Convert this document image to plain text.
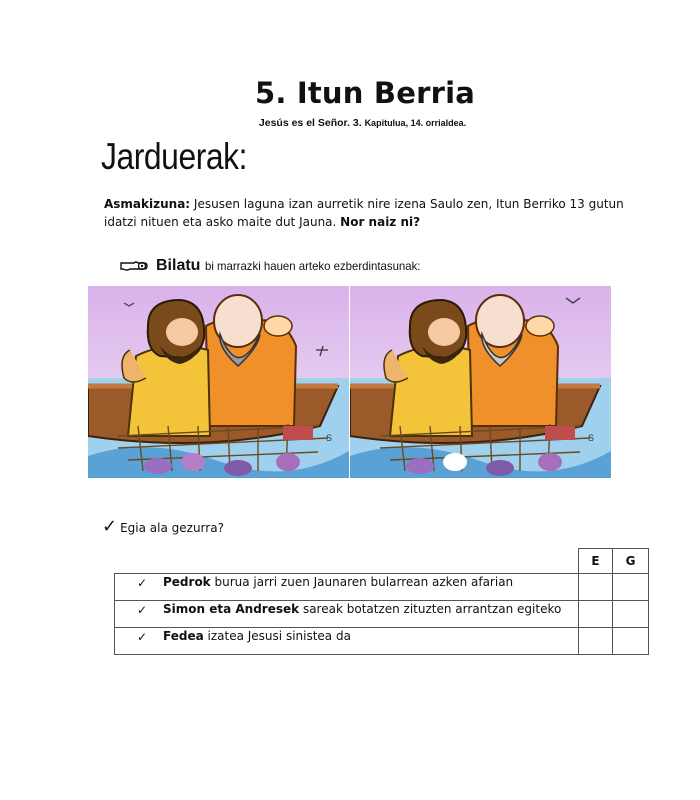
5. Itun Berria
Jesús es el Señor. 3. Kapitulua, 14. orrialdea.
Jarduerak:
Asmakizuna: Jesusen laguna izan aurretik nire izena Saulo zen, Itun Berriko 13 gutun idatzi nituen eta asko maite dut Jauna. Nor naiz ni?
Bilatu bi marrazki hauen arteko ezberdintasunak:
S	S
✓ Egia ala gezurra?
	E	G

✓ Pedrok burua jarri zuen Jaunaren bularrean azken afarian		

✓ Simon eta Andresek sareak botatzen zituzten arrantzan egiteko		

✓ Fedea izatea Jesusi sinistea da		
